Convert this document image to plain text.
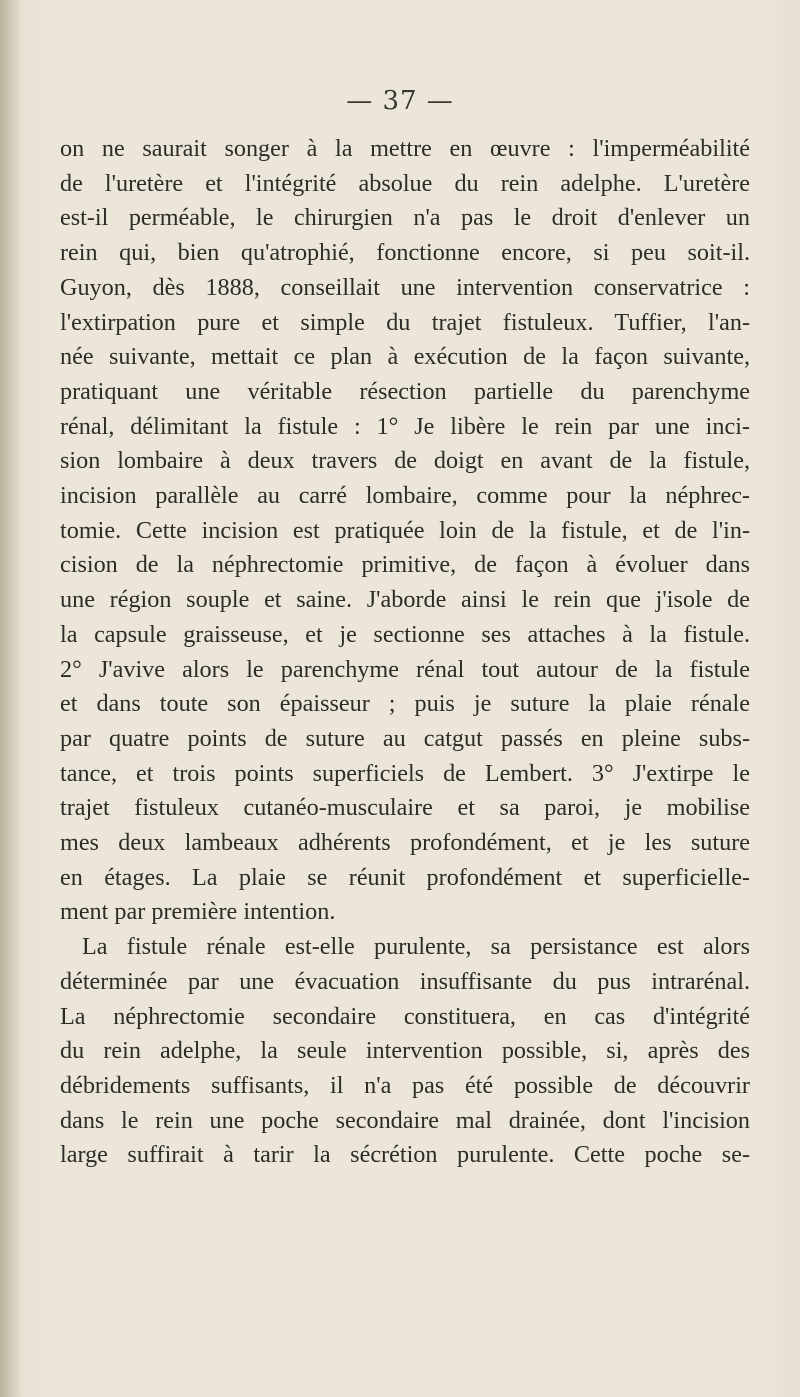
— 37 —
on ne saurait songer à la mettre en œuvre : l'imperméabilité
de l'uretère et l'intégrité absolue du rein adelphe. L'uretère
est-il perméable, le chirurgien n'a pas le droit d'enlever un
rein qui, bien qu'atrophié, fonctionne encore, si peu soit-il.
Guyon, dès 1888, conseillait une intervention conservatrice :
l'extirpation pure et simple du trajet fistuleux. Tuffier, l'an-
née suivante, mettait ce plan à exécution de la façon suivante,
pratiquant une véritable résection partielle du parenchyme
rénal, délimitant la fistule : 1° Je libère le rein par une inci-
sion lombaire à deux travers de doigt en avant de la fistule,
incision parallèle au carré lombaire, comme pour la néphrec-
tomie. Cette incision est pratiquée loin de la fistule, et de l'in-
cision de la néphrectomie primitive, de façon à évoluer dans
une région souple et saine. J'aborde ainsi le rein que j'isole de
la capsule graisseuse, et je sectionne ses attaches à la fistule.
2° J'avive alors le parenchyme rénal tout autour de la fistule
et dans toute son épaisseur ; puis je suture la plaie rénale
par quatre points de suture au catgut passés en pleine subs-
tance, et trois points superficiels de Lembert. 3° J'extirpe le
trajet fistuleux cutanéo-musculaire et sa paroi, je mobilise
mes deux lambeaux adhérents profondément, et je les suture
en étages. La plaie se réunit profondément et superficielle-
ment par première intention.
La fistule rénale est-elle purulente, sa persistance est alors
déterminée par une évacuation insuffisante du pus intrarénal.
La néphrectomie secondaire constituera, en cas d'intégrité
du rein adelphe, la seule intervention possible, si, après des
débridements suffisants, il n'a pas été possible de découvrir
dans le rein une poche secondaire mal drainée, dont l'incision
large suffirait à tarir la sécrétion purulente. Cette poche se-
